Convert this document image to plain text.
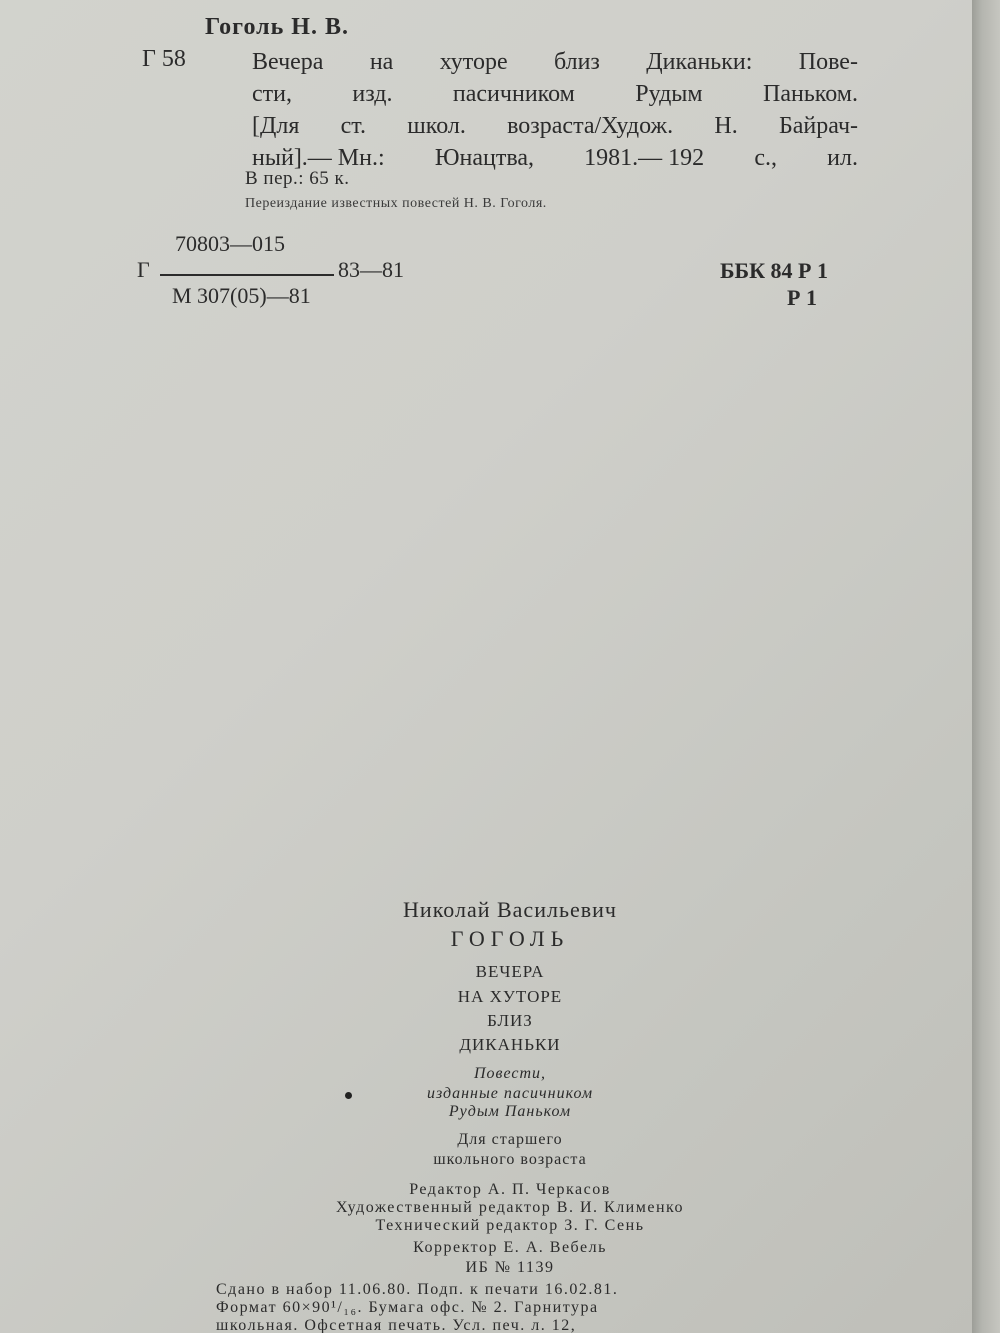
Гоголь Н. В.
Г 58	Вечера на хуторе близ Диканьки: Пове-
сти,	изд.	пасичником	Рудым	Паньком.
[Для ст. школ. возраста/Худож. Н. Байрач-
ный].— Мн.: Юнацтва, 1981.— 192 с., ил.
В пер.: 65 к.
Переиздание известных повестей Н. В. Гоголя.
70803—015
Г	83—81
М 307(05)—81
ББК 84 Р 1
Р 1
Николай Васильевич
ГОГОЛЬ
ВЕЧЕРА
НА ХУТОРЕ
БЛИЗ
ДИКАНЬКИ
Повести,
изданные пасичником
Рудым Паньком
Для старшего
школьного возраста
Редактор А. П. Черкасов
Художественный редактор В. И. Клименко
Технический редактор З. Г. Сень
Корректор Е. А. Вебель
ИБ № 1139
Сдано в набор 11.06.80. Подп. к печати 16.02.81.
Формат 60×90¹/₁₆. Бумага офс. № 2. Гарнитура
школьная. Офсетная печать. Усл. печ. л. 12,
